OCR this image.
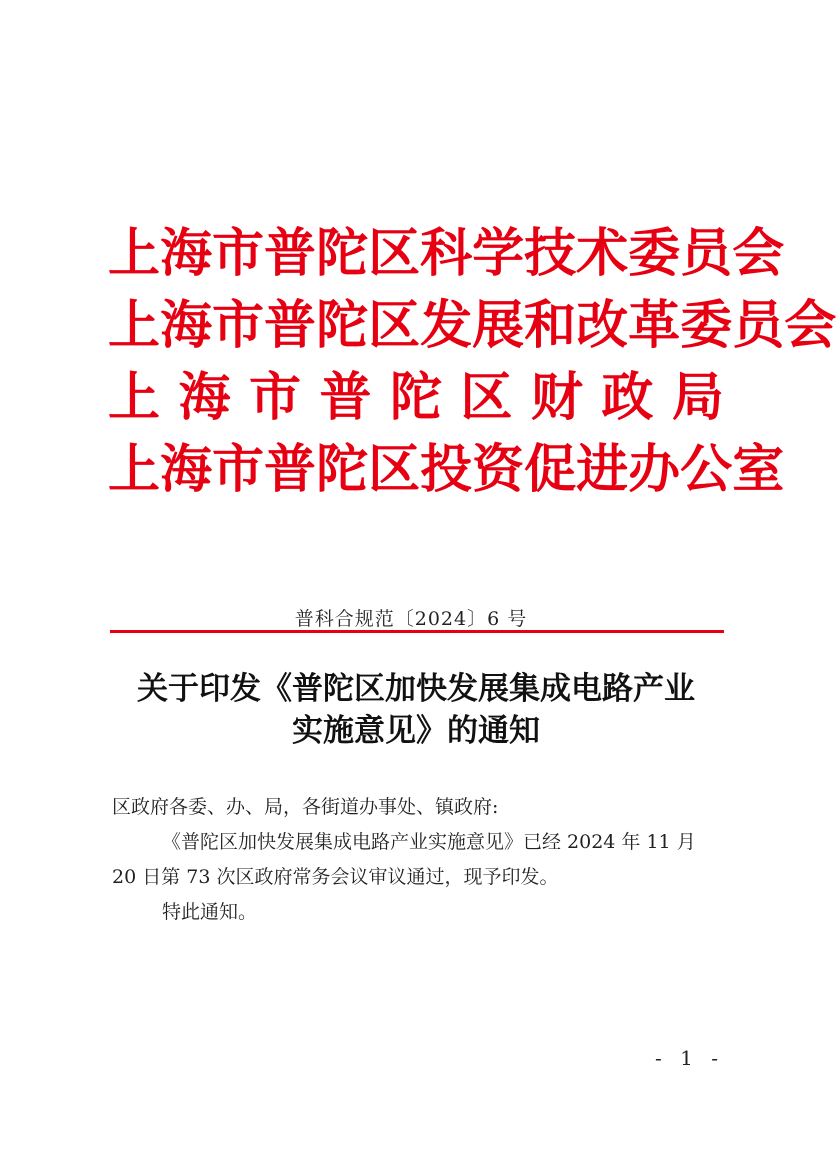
上 海 市 普 陀 区 科 学 技 术 委 员 会
上 海 市 普 陀 区 发 展 和 改 革 委 员 会
上 海 市 普 陀 区 财 政 局
上 海 市 普 陀 区 投 资 促 进 办 公 室
普科合规范〔2024〕6 号
关于印发《普陀区加快发展集成电路产业
实施意见》的通知

区政府各委、办、局，各街道办事处、镇政府:

《普陀区加快发展集成电路产业实施意见》已经 2024 年 11 月 20 日第 73 次区政府常务会议审议通过，现予印发。

特此通知。

- 1 -
